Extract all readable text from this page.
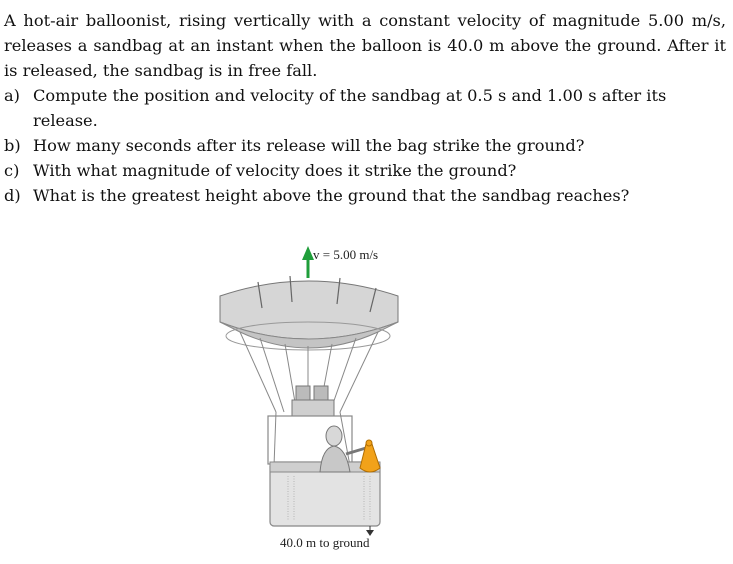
A hot-air balloonist, rising vertically with a constant velocity of magnitude 5.00 m/s, releases a sandbag at an instant when the balloon is 40.0 m above the ground. After it is released, the sandbag is in free fall.
a) Compute the position and velocity of the sandbag at 0.5 s and 1.00 s after its release.
b) How many seconds after its release will the bag strike the ground?
c) With what magnitude of velocity does it strike the ground?
d) What is the greatest height above the ground that the sandbag reaches?
v = 5.00 m/s
40.0 m to ground
